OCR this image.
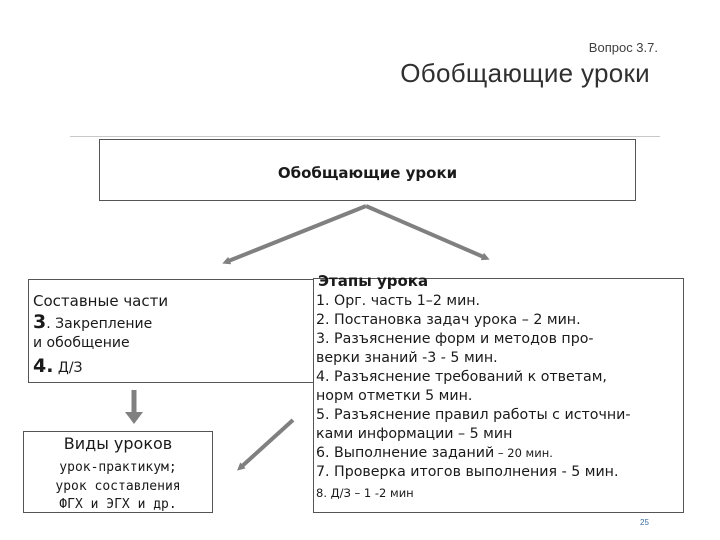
Вопрос 3.7.
Обобщающие уроки
Обобщающие уроки
Составные части
3. Закрепление
и обобщение
4. Д/З
Виды уроков
урок-практикум;
урок составления
ФГХ и ЭГХ и др.
Этапы урока
1. Орг. часть 1–2 мин.
2. Постановка задач урока – 2 мин.
3. Разъяснение форм и методов про-
верки знаний -3 - 5 мин.
4. Разъяснение требований к ответам,
норм отметки 5 мин.
5. Разъяснение правил работы с источни-
ками информации – 5 мин
6. Выполнение заданий – 20 мин.
7. Проверка итогов выполнения - 5 мин.
8. Д/З – 1 -2 мин
25
